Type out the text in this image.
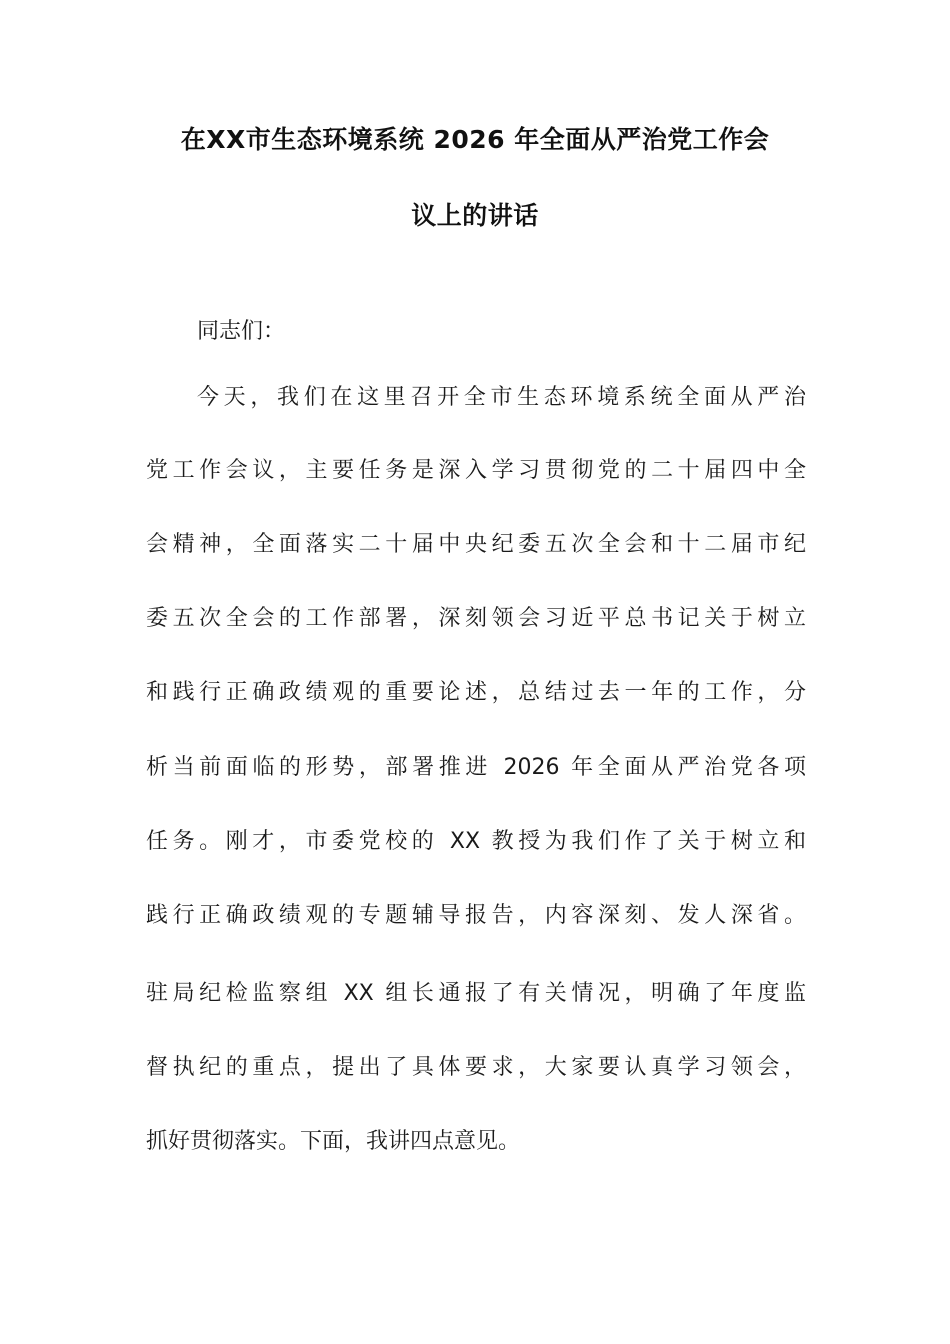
在XX市生态环境系统 2026 年全面从严治党工作会
议上的讲话
同志们：
今天，我们在这里召开全市生态环境系统全面从严治
党工作会议，主要任务是深入学习贯彻党的二十届四中全
会精神，全面落实二十届中央纪委五次全会和十二届市纪
委五次全会的工作部署，深刻领会习近平总书记关于树立
和践行正确政绩观的重要论述，总结过去一年的工作，分
析当前面临的形势，部署推进 2026 年全面从严治党各项
任务。刚才，市委党校的 XX 教授为我们作了关于树立和
践行正确政绩观的专题辅导报告，内容深刻、发人深省。
驻局纪检监察组 XX 组长通报了有关情况，明确了年度监
督执纪的重点，提出了具体要求，大家要认真学习领会，
抓好贯彻落实。下面，我讲四点意见。
